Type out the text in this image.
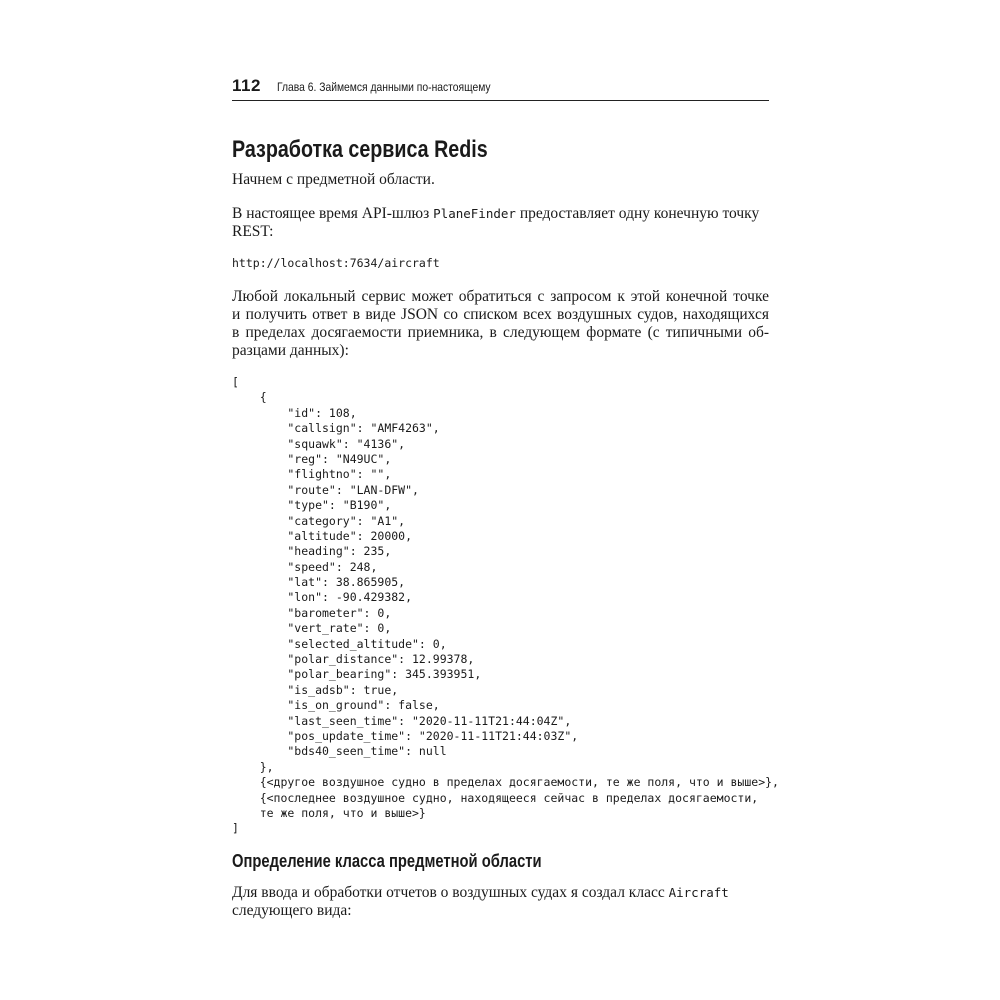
112 Глава 6. Займемся данными по-настоящему
Разработка сервиса Redis

Начнем с предметной области.

В настоящее время API-шлюз PlaneFinder предоставляет одну конечную точку
REST:

http://localhost:7634/aircraft

Любой локальный сервис может обратиться с запросом к этой конечной точке
и получить ответ в виде JSON со списком всех воздушных судов, находящихся
в пределах досягаемости приемника, в следующем формате (с типичными об-
разцами данных):

[
{
"id": 108,
"callsign": "AMF4263",
"squawk": "4136",
"reg": "N49UC",
"flightno": "",
"route": "LAN-DFW",
"type": "B190",
"category": "A1",
"altitude": 20000,
"heading": 235,
"speed": 248,
"lat": 38.865905,
"lon": -90.429382,
"barometer": 0,
"vert_rate": 0,
"selected_altitude": 0,
"polar_distance": 12.99378,
"polar_bearing": 345.393951,
"is_adsb": true,
"is_on_ground": false,
"last_seen_time": "2020-11-11T21:44:04Z",
"pos_update_time": "2020-11-11T21:44:03Z",
"bds40_seen_time": null
},
{<другое воздушное судно в пределах досягаемости, те же поля, что и выше>},
{<последнее воздушное судно, находящееся сейчас в пределах досягаемости,
те же поля, что и выше>}
]
Определение класса предметной области

Для ввода и обработки отчетов о воздушных судах я создал класс Aircraft
следующего вида:
